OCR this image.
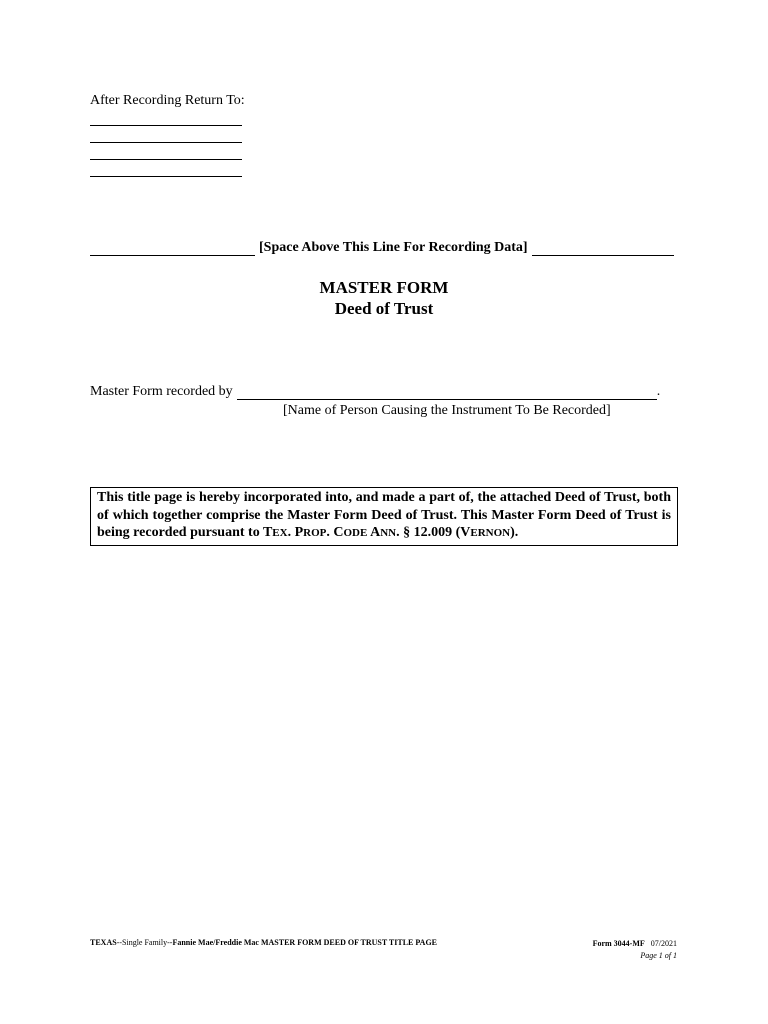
After Recording Return To:
[Space Above This Line For Recording Data]
MASTER FORM
Deed of Trust
Master Form recorded by	.
[Name of Person Causing the Instrument To Be Recorded]
This title page is hereby incorporated into, and made a part of, the attached Deed of Trust, both of which together comprise the Master Form Deed of Trust. This Master Form Deed of Trust is being recorded pursuant to TEX. PROP. CODE ANN. § 12.009 (VERNON).
TEXAS--Single Family--Fannie Mae/Freddie Mac MASTER FORM DEED OF TRUST TITLE PAGE	Form 3044-MF 07/2021
Page 1 of 1
